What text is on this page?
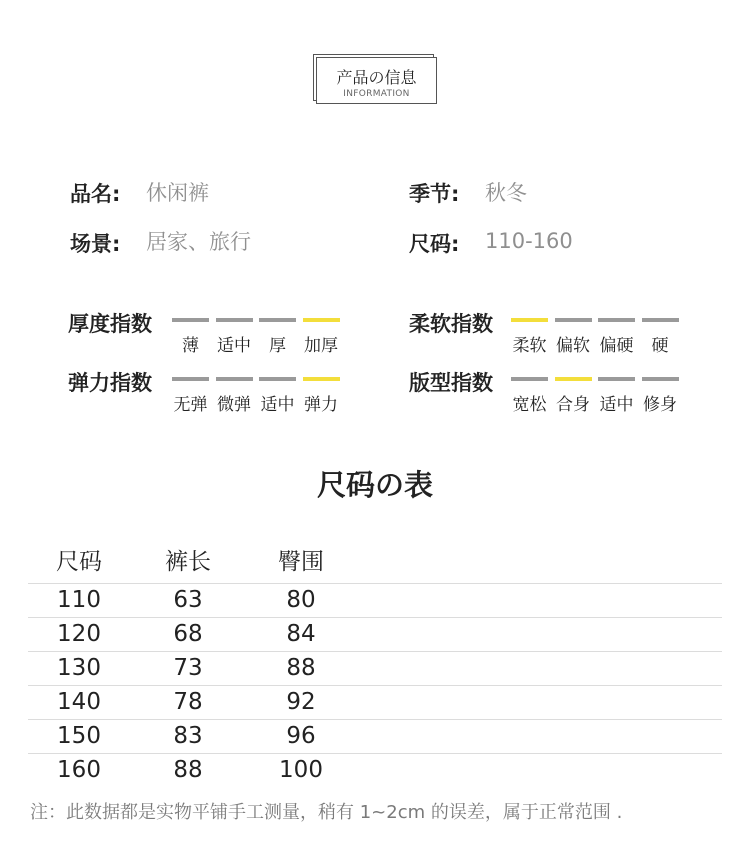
产品の信息
INFORMATION
品名: 休闲裤	季节: 秋冬
场景: 居家、旅行	尺码: 110-160
厚度指数
薄	适中	厚	加厚
柔软指数
柔软 偏软 偏硬	硬
弹力指数
无弹 微弹 适中 弹力
版型指数
宽松 合身 适中 修身
尺码の表
尺码	裤长	臀围
110	63	80
120	68	84
130	73	88
140	78	92
150	83	96
160	88	100
注：此数据都是实物平铺手工测量，稍有 1~2cm 的误差，属于正常范围 .
